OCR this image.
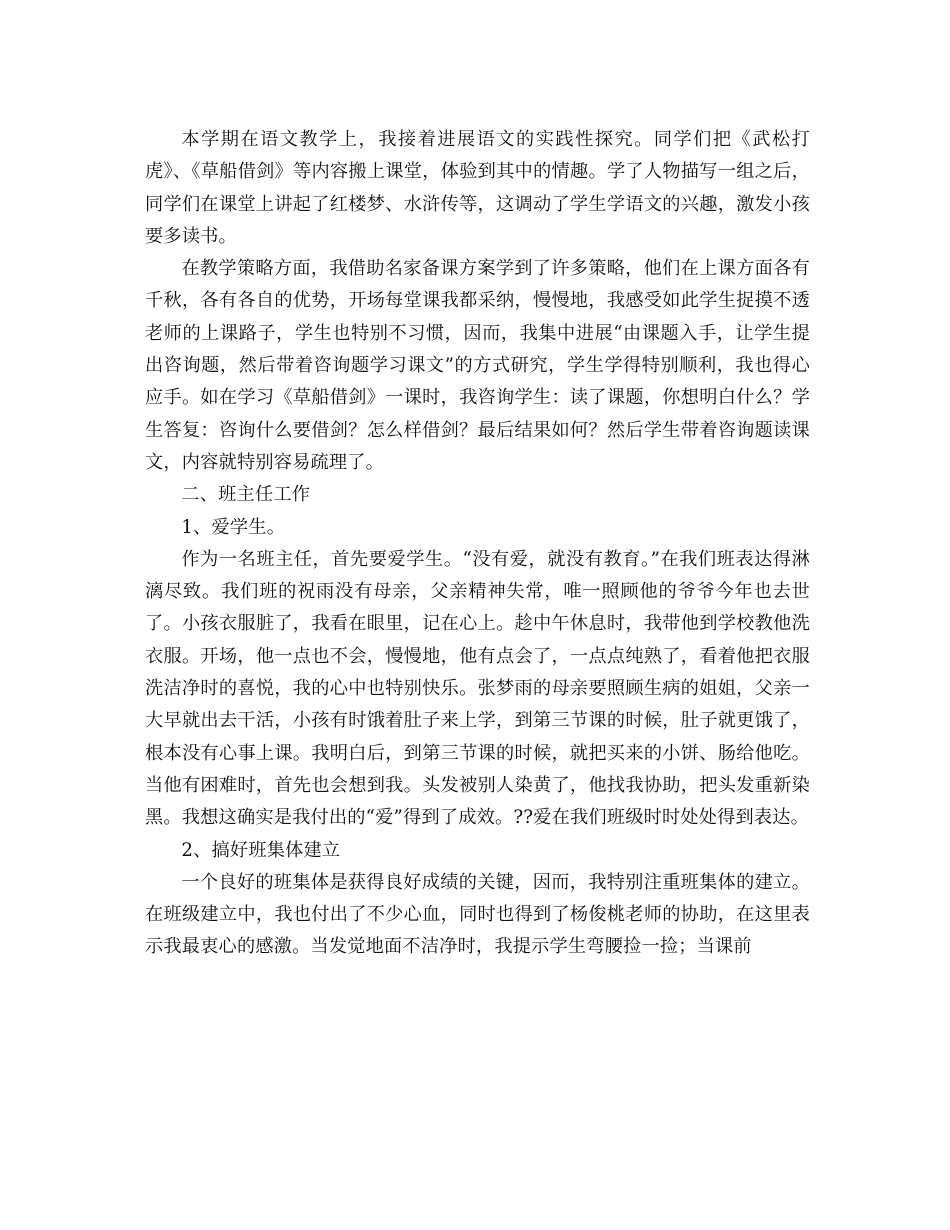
本学期在语文教学上，我接着进展语文的实践性探究。同学们把《武松打虎》、《草船借剑》等内容搬上课堂，体验到其中的情趣。学了人物描写一组之后，同学们在课堂上讲起了红楼梦、水浒传等，这调动了学生学语文的兴趣，激发小孩要多读书。

在教学策略方面，我借助名家备课方案学到了许多策略，他们在上课方面各有千秋，各有各自的优势，开场每堂课我都采纳，慢慢地，我感受如此学生捉摸不透老师的上课路子，学生也特别不习惯，因而，我集中进展“由课题入手，让学生提出咨询题，然后带着咨询题学习课文”的方式研究，学生学得特别顺利，我也得心应手。如在学习《草船借剑》一课时，我咨询学生：读了课题，你想明白什么？学生答复：咨询什么要借剑？怎么样借剑？最后结果如何？然后学生带着咨询题读课文，内容就特别容易疏理了。

二、班主任工作

1、爱学生。

作为一名班主任，首先要爱学生。“没有爱，就没有教育。”在我们班表达得淋漓尽致。我们班的祝雨没有母亲，父亲精神失常，唯一照顾他的爷爷今年也去世了。小孩衣服脏了，我看在眼里，记在心上。趁中午休息时，我带他到学校教他洗衣服。开场，他一点也不会，慢慢地，他有点会了，一点点纯熟了，看着他把衣服洗洁净时的喜悦，我的心中也特别快乐。张梦雨的母亲要照顾生病的姐姐，父亲一大早就出去干活，小孩有时饿着肚子来上学，到第三节课的时候，肚子就更饿了，根本没有心事上课。我明白后，到第三节课的时候，就把买来的小饼、肠给他吃。当他有困难时，首先也会想到我。头发被别人染黄了，他找我协助，把头发重新染黑。我想这确实是我付出的“爱”得到了成效。??爱在我们班级时时处处得到表达。

2、搞好班集体建立

一个良好的班集体是获得良好成绩的关键，因而，我特别注重班集体的建立。在班级建立中，我也付出了不少心血，同时也得到了杨俊桃老师的协助，在这里表示我最衷心的感激。当发觉地面不洁净时，我提示学生弯腰捡一捡；当课前
